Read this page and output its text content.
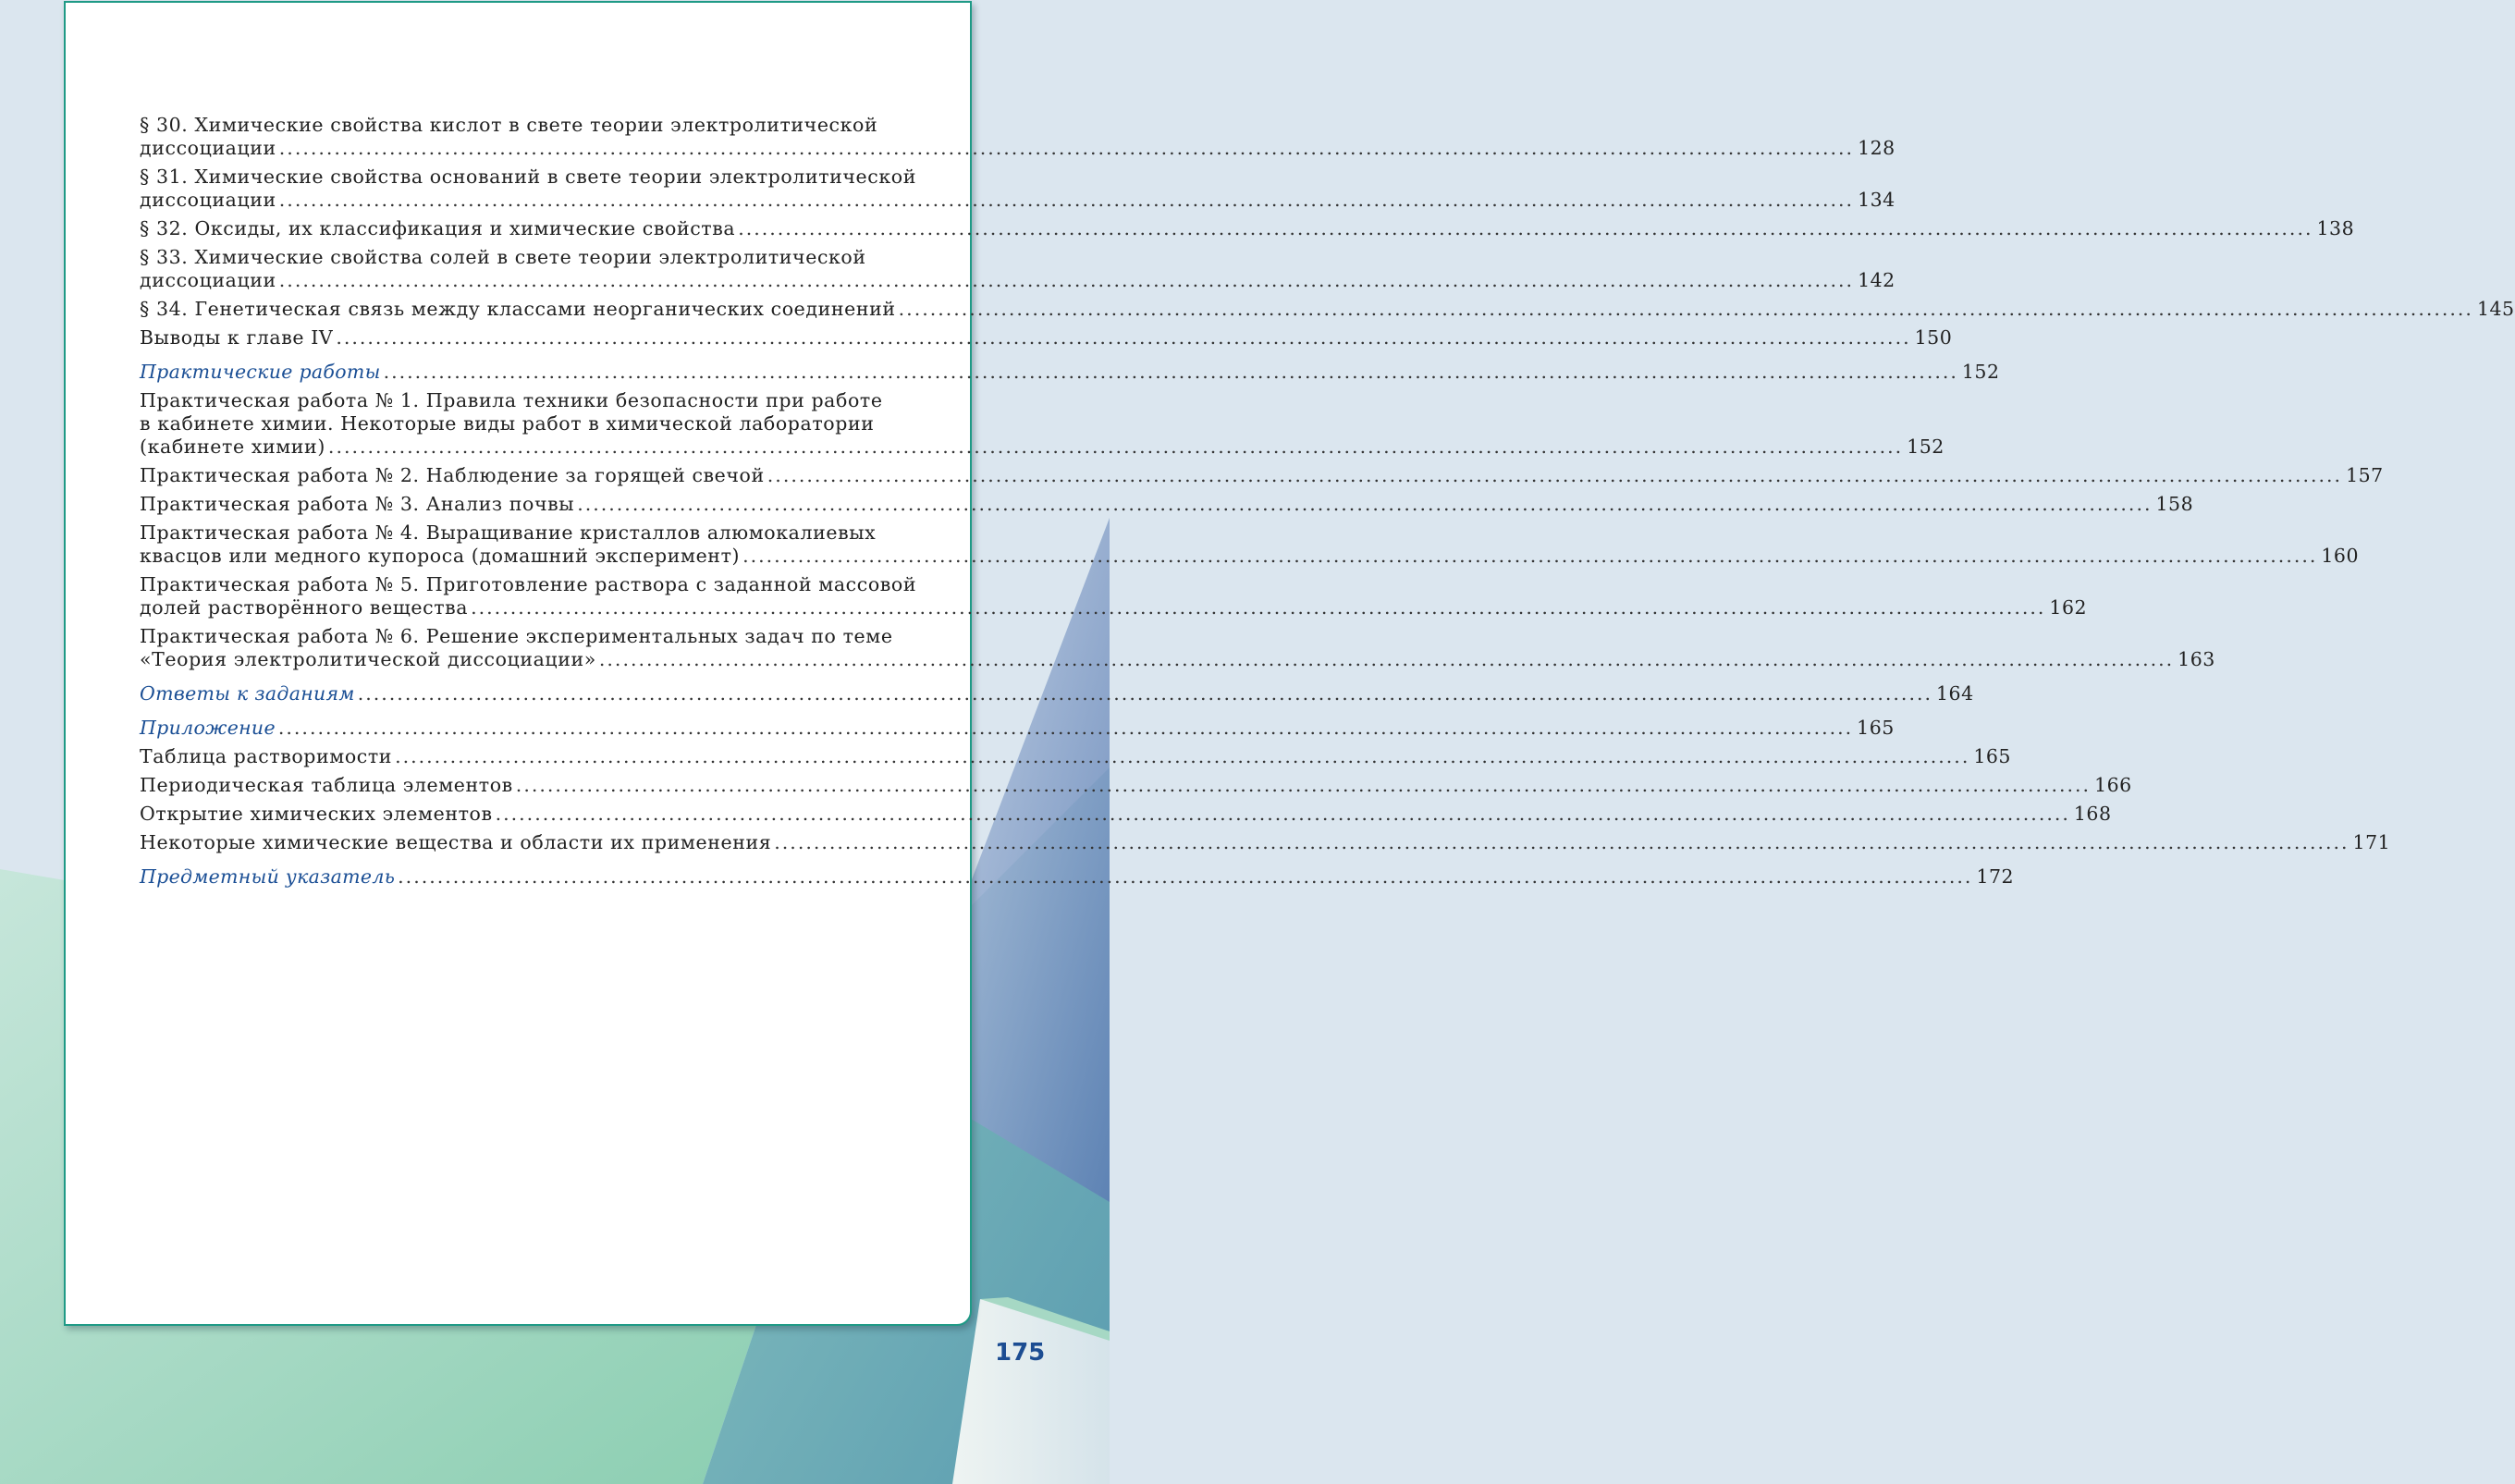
§ 30. Химические свойства кислот в свете теории электролитической
диссоциации
.....	128
§ 31. Химические свойства оснований в свете теории электролитической
диссоциации
.....	134
§ 32. Оксиды, их классификация и химические свойства
.....	138
§ 33. Химические свойства солей в свете теории электролитической
диссоциации
.....	142
§ 34. Генетическая связь между классами неорганических соединений
.....	145
Выводы к главе IV
.....	150
Практические работы
.....	152
Практическая работа № 1. Правила техники безопасности при работе
в кабинете химии. Некоторые виды работ в химической лаборатории
(кабинете химии)
.....	152
Практическая работа № 2. Наблюдение за горящей свечой
.....	157
Практическая работа № 3. Анализ почвы
.....	158
Практическая работа № 4. Выращивание кристаллов алюмокалиевых
квасцов или медного купороса (домашний эксперимент)
.....	160
Практическая работа № 5. Приготовление раствора с заданной массовой
долей растворённого вещества
.....	162
Практическая работа № 6. Решение экспериментальных задач по теме
«Теория электролитической диссоциации»
.....	163
Ответы к заданиям
.....	164
Приложение
.....	165
Таблица растворимости
.....	165
Периодическая таблица элементов
.....	166
Открытие химических элементов
.....	168
Некоторые химические вещества и области их применения
.....	171
Предметный указатель
.....	172
175
